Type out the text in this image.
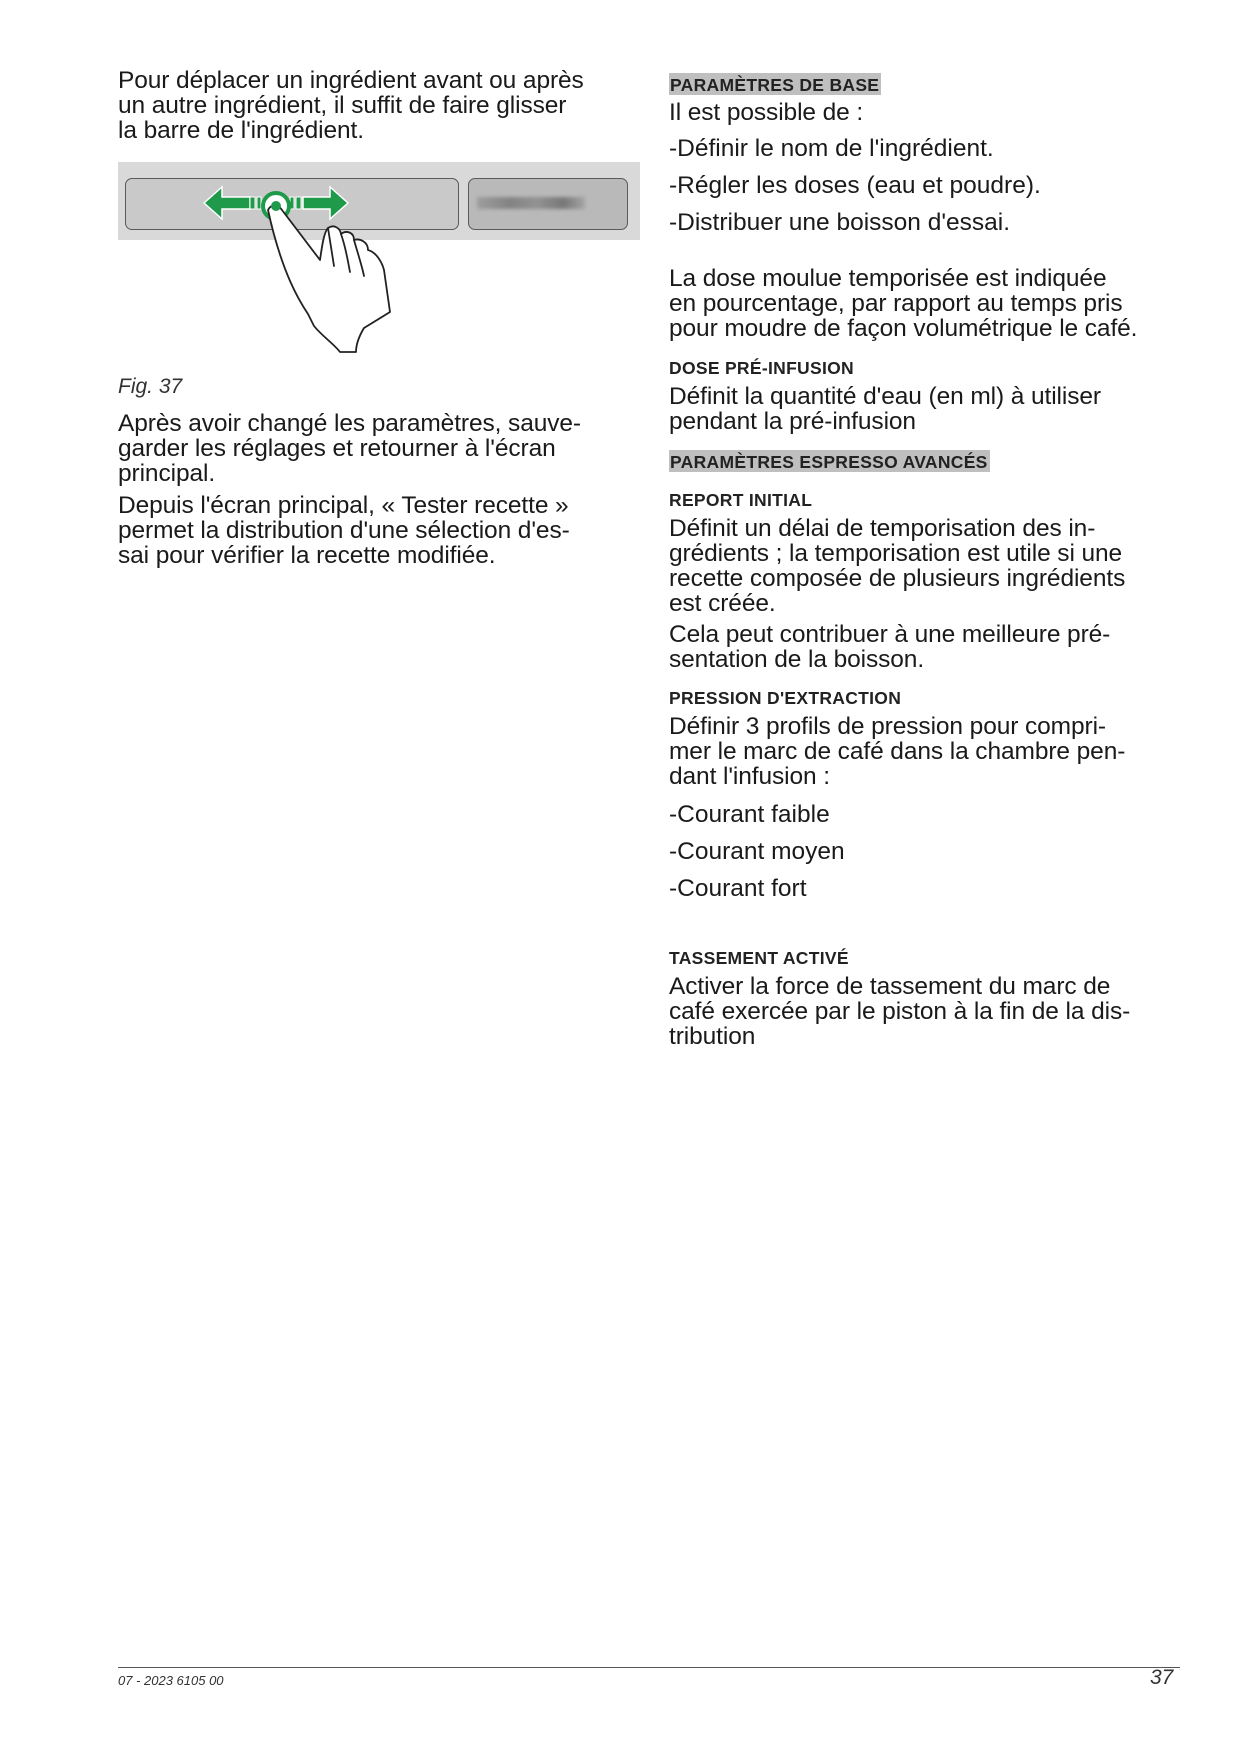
Pour déplacer un ingrédient avant ou après
un autre ingrédient, il suffit de faire glisser
la barre de l'ingrédient.

Fig. 37

Après avoir changé les paramètres, sauve-
garder les réglages et retourner à l'écran
principal.

Depuis l'écran principal, « Tester recette »
permet la distribution d'une sélection d'es-
sai pour vérifier la recette modifiée.

PARAMÈTRES DE BASE

Il est possible de :

-Définir le nom de l'ingrédient.

-Régler les doses (eau et poudre).

-Distribuer une boisson d'essai.

La dose moulue temporisée est indiquée
en pourcentage, par rapport au temps pris
pour moudre de façon volumétrique le café.

DOSE PRÉ-INFUSION

Définit la quantité d'eau (en ml) à utiliser
pendant la pré-infusion

PARAMÈTRES ESPRESSO AVANCÉS

REPORT INITIAL

Définit un délai de temporisation des in-
grédients ; la temporisation est utile si une
recette composée de plusieurs ingrédients
est créée.

Cela peut contribuer à une meilleure pré-
sentation de la boisson.

PRESSION D'EXTRACTION

Définir 3 profils de pression pour compri-
mer le marc de café dans la chambre pen-
dant l'infusion :

-Courant faible

-Courant moyen

-Courant fort

TASSEMENT ACTIVÉ

Activer la force de tassement du marc de
café exercée par le piston à la fin de la dis-
tribution

07 - 2023 6105 00	37
